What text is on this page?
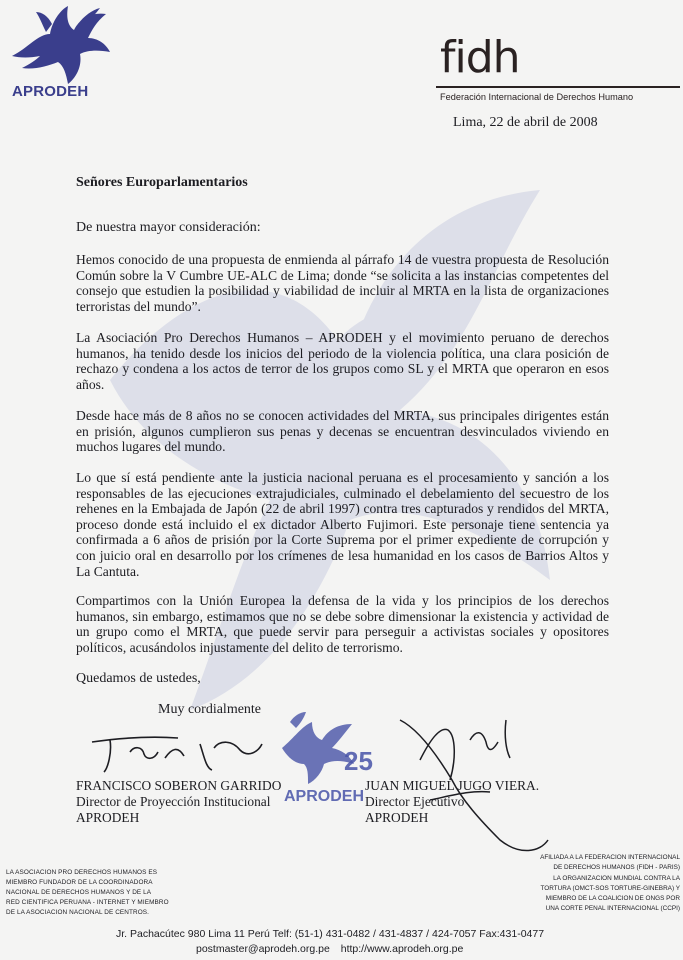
APRODEH
fidh
Federación Internacional de Derechos Humano
Lima, 22 de abril de 2008
Señores Europarlamentarios
De nuestra mayor consideración:

Hemos conocido de una propuesta de enmienda al párrafo 14 de vuestra propuesta de Resolución Común sobre la V Cumbre UE-ALC de Lima; donde “se solicita a las instancias competentes del consejo que estudien la posibilidad y viabilidad de incluir al MRTA en la lista de organizaciones terroristas del mundo”.

La Asociación Pro Derechos Humanos – APRODEH y el movimiento peruano de derechos humanos, ha tenido desde los inicios del periodo de la violencia política, una clara posición de rechazo y condena a los actos de terror de los grupos como SL y el MRTA que operaron en esos años.

Desde hace más de 8 años no se conocen actividades del MRTA, sus principales dirigentes están en prisión, algunos cumplieron sus penas y decenas se encuentran desvinculados viviendo en muchos lugares del mundo.

Lo que sí está pendiente ante la justicia nacional peruana es el procesamiento y sanción a los responsables de las ejecuciones extrajudiciales, culminado el debelamiento del secuestro de los rehenes en la Embajada de Japón (22 de abril 1997) contra tres capturados y rendidos del MRTA, proceso donde está incluido el ex dictador Alberto Fujimori. Este personaje tiene sentencia ya confirmada a 6 años de prisión por la Corte Suprema por el primer expediente de corrupción y con juicio oral en desarrollo por los crímenes de lesa humanidad en los casos de Barrios Altos y La Cantuta.

Compartimos con la Unión Europea la defensa de la vida y los principios de los derechos humanos, sin embargo, estimamos que no se debe sobre dimensionar la existencia y actividad de un grupo como el MRTA, que puede servir para perseguir a activistas sociales y opositores políticos, acusándolos injustamente del delito de terrorismo.

Quedamos de ustedes,
Muy cordialmente
25
APRODEH
FRANCISCO SOBERON GARRIDO
Director de Proyección Institucional
APRODEH
JUAN MIGUEL JUGO VIERA.
Director Ejecutivo
APRODEH
LA ASOCIACION PRO DERECHOS HUMANOS ES
MIEMBRO FUNDADOR DE LA COORDINADORA
NACIONAL DE DERECHOS HUMANOS Y DE LA
RED CIENTIFICA PERUANA - INTERNET Y MIEMBRO
DE LA ASOCIACION NACIONAL DE CENTROS.
AFILIADA A LA FEDERACION INTERNACIONAL
DE DERECHOS HUMANOS (FIDH - PARIS)
LA ORGANIZACION MUNDIAL CONTRA LA
TORTURA (OMCT-SOS TORTURE-GINEBRA) Y
MIEMBRO DE LA COALICION DE ONGS POR
UNA CORTE PENAL INTERNACIONAL (CCPI)
Jr. Pachacútec 980 Lima 11 Perú Telf: (51-1) 431-0482 / 431-4837 / 424-7057 Fax:431-0477
postmaster@aprodeh.org.pe http://www.aprodeh.org.pe
